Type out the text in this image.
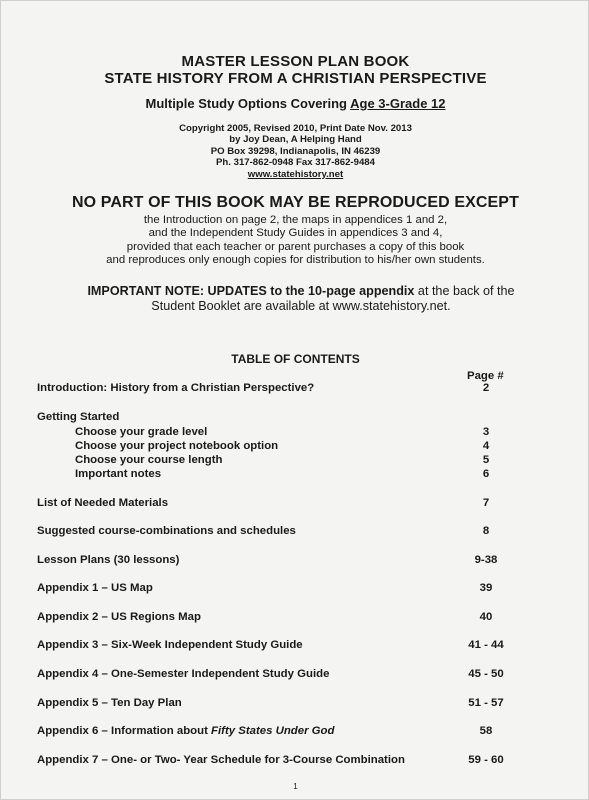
MASTER LESSON PLAN BOOK
STATE HISTORY FROM A CHRISTIAN PERSPECTIVE
Multiple Study Options Covering Age 3-Grade 12
Copyright 2005, Revised 2010, Print Date Nov. 2013
by Joy Dean, A Helping Hand
PO Box 39298, Indianapolis, IN 46239
Ph. 317-862-0948 Fax 317-862-9484
www.statehistory.net
NO PART OF THIS BOOK MAY BE REPRODUCED EXCEPT
the Introduction on page 2, the maps in appendices 1 and 2,
and the Independent Study Guides in appendices 3 and 4,
provided that each teacher or parent purchases a copy of this book
and reproduces only enough copies for distribution to his/her own students.
IMPORTANT NOTE: UPDATES to the 10-page appendix at the back of the
Student Booklet are available at www.statehistory.net.
TABLE OF CONTENTS
Page #
Introduction: History from a Christian Perspective?	2
Getting Started
Choose your grade level	3
Choose your project notebook option	4
Choose your course length	5
Important notes	6
List of Needed Materials	7
Suggested course-combinations and schedules	8
Lesson Plans (30 lessons)	9-38
Appendix 1 – US Map	39
Appendix 2 – US Regions Map	40
Appendix 3 – Six-Week Independent Study Guide	41 - 44
Appendix 4 – One-Semester Independent Study Guide	45 - 50
Appendix 5 – Ten Day Plan	51 - 57
Appendix 6 – Information about Fifty States Under God	58
Appendix 7 – One- or Two- Year Schedule for 3-Course Combination	59 - 60
1
